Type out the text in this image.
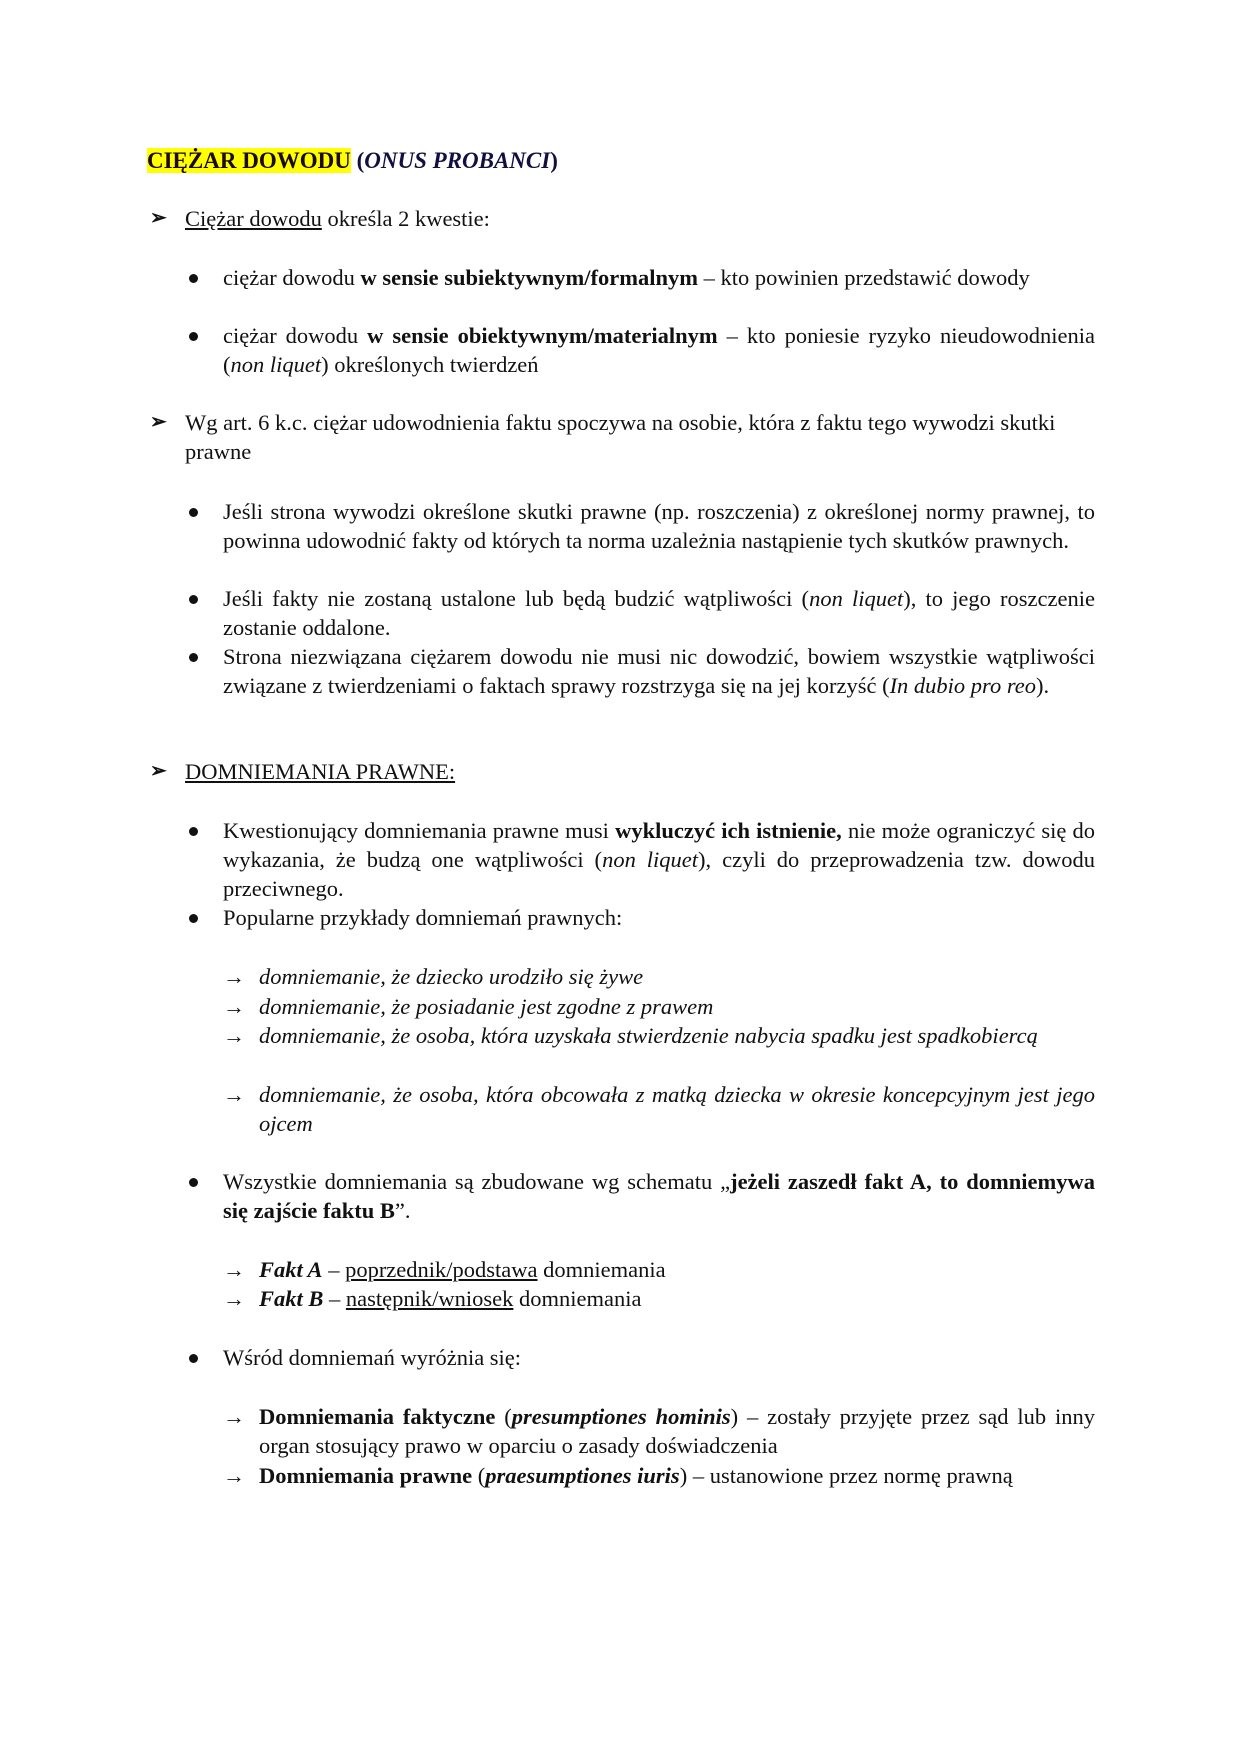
CIĘŻAR DOWODU (ONUS PROBANCI)
➢ Ciężar dowodu określa 2 kwestie:
ciężar dowodu w sensie subiektywnym/formalnym – kto powinien przedstawić dowody
ciężar dowodu w sensie obiektywnym/materialnym – kto poniesie ryzyko nieudowodnienia (non liquet) określonych twierdzeń
➢ Wg art. 6 k.c. ciężar udowodnienia faktu spoczywa na osobie, która z faktu tego wywodzi skutki prawne
Jeśli strona wywodzi określone skutki prawne (np. roszczenia) z określonej normy prawnej, to powinna udowodnić fakty od których ta norma uzależnia nastąpienie tych skutków prawnych.
Jeśli fakty nie zostaną ustalone lub będą budzić wątpliwości (non liquet), to jego roszczenie zostanie oddalone.
Strona niezwiązana ciężarem dowodu nie musi nic dowodzić, bowiem wszystkie wątpliwości związane z twierdzeniami o faktach sprawy rozstrzyga się na jej korzyść (In dubio pro reo).
➢ DOMNIEMANIA PRAWNE:
Kwestionujący domniemania prawne musi wykluczyć ich istnienie, nie może ograniczyć się do wykazania, że budzą one wątpliwości (non liquet), czyli do przeprowadzenia tzw. dowodu przeciwnego.
Popularne przykłady domniemań prawnych:
→ domniemanie, że dziecko urodziło się żywe
→ domniemanie, że posiadanie jest zgodne z prawem
→ domniemanie, że osoba, która uzyskała stwierdzenie nabycia spadku jest spadkobiercą
→ domniemanie, że osoba, która obcowała z matką dziecka w okresie koncepcyjnym jest jego ojcem
Wszystkie domniemania są zbudowane wg schematu „jeżeli zaszedł fakt A, to domniemywa się zajście faktu B”.
→ Fakt A – poprzednik/podstawa domniemania
→ Fakt B – następnik/wniosek domniemania
Wśród domniemań wyróżnia się:
→ Domniemania faktyczne (presumptiones hominis) – zostały przyjęte przez sąd lub inny organ stosujący prawo w oparciu o zasady doświadczenia
→ Domniemania prawne (praesumptiones iuris) – ustanowione przez normę prawną
